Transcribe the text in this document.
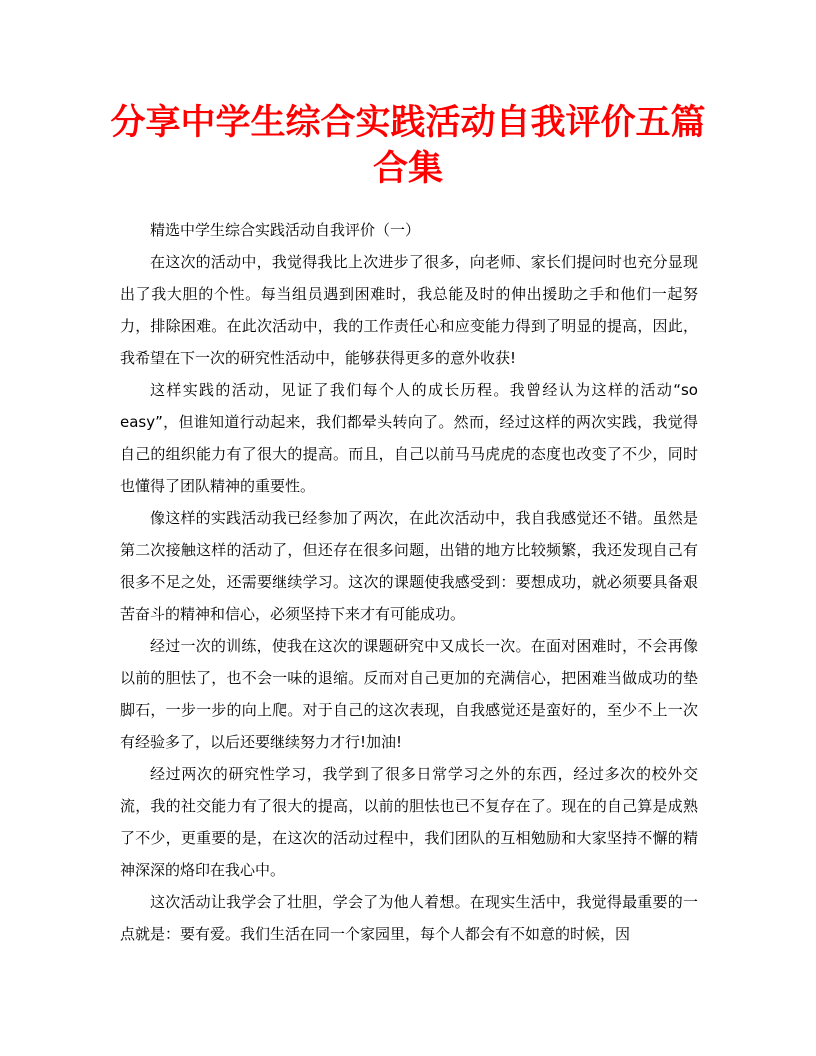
分享中学生综合实践活动自我评价五篇合集

精选中学生综合实践活动自我评价（一）

在这次的活动中，我觉得我比上次进步了很多，向老师、家长们提问时也充分显现出了我大胆的个性。每当组员遇到困难时，我总能及时的伸出援助之手和他们一起努力，排除困难。在此次活动中，我的工作责任心和应变能力得到了明显的提高，因此，我希望在下一次的研究性活动中，能够获得更多的意外收获!

这样实践的活动，见证了我们每个人的成长历程。我曾经认为这样的活动“so easy”，但谁知道行动起来，我们都晕头转向了。然而，经过这样的两次实践，我觉得自己的组织能力有了很大的提高。而且，自己以前马马虎虎的态度也改变了不少，同时也懂得了团队精神的重要性。

像这样的实践活动我已经参加了两次，在此次活动中，我自我感觉还不错。虽然是第二次接触这样的活动了，但还存在很多问题，出错的地方比较频繁，我还发现自己有很多不足之处，还需要继续学习。这次的课题使我感受到：要想成功，就必须要具备艰苦奋斗的精神和信心，必须坚持下来才有可能成功。

经过一次的训练，使我在这次的课题研究中又成长一次。在面对困难时，不会再像以前的胆怯了，也不会一味的退缩。反而对自己更加的充满信心，把困难当做成功的垫脚石，一步一步的向上爬。对于自己的这次表现，自我感觉还是蛮好的，至少不上一次有经验多了，以后还要继续努力才行!加油!

经过两次的研究性学习，我学到了很多日常学习之外的东西，经过多次的校外交流，我的社交能力有了很大的提高，以前的胆怯也已不复存在了。现在的自己算是成熟了不少，更重要的是，在这次的活动过程中，我们团队的互相勉励和大家坚持不懈的精神深深的烙印在我心中。

这次活动让我学会了壮胆，学会了为他人着想。在现实生活中，我觉得最重要的一点就是：要有爱。我们生活在同一个家园里，每个人都会有不如意的时候，因
